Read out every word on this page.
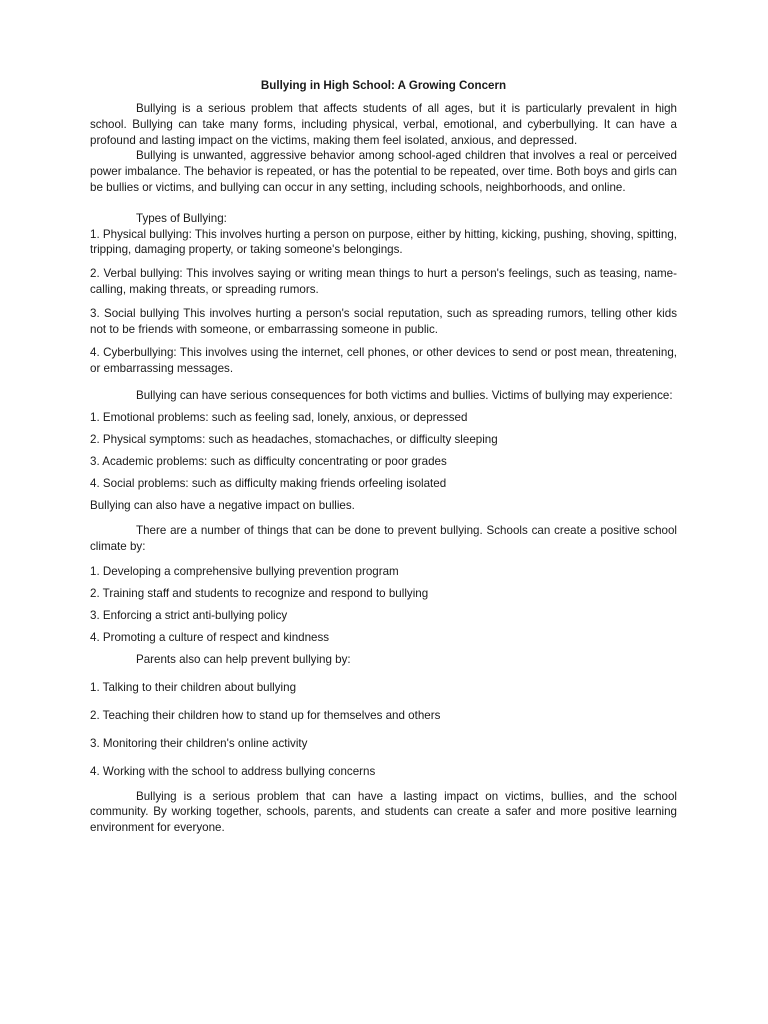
Bullying in High School: A Growing Concern

Bullying is a serious problem that affects students of all ages, but it is particularly prevalent in high school. Bullying can take many forms, including physical, verbal, emotional, and cyberbullying. It can have a profound and lasting impact on the victims, making them feel isolated, anxious, and depressed.

Bullying is unwanted, aggressive behavior among school-aged children that involves a real or perceived power imbalance. The behavior is repeated, or has the potential to be repeated, over time. Both boys and girls can be bullies or victims, and bullying can occur in any setting, including schools, neighborhoods, and online.

Types of Bullying:

1. Physical bullying: This involves hurting a person on purpose, either by hitting, kicking, pushing, shoving, spitting, tripping, damaging property, or taking someone's belongings.

2. Verbal bullying: This involves saying or writing mean things to hurt a person's feelings, such as teasing, name-calling, making threats, or spreading rumors.

3. Social bullying This involves hurting a person's social reputation, such as spreading rumors, telling other kids not to be friends with someone, or embarrassing someone in public.

4. Cyberbullying: This involves using the internet, cell phones, or other devices to send or post mean, threatening, or embarrassing messages.

Bullying can have serious consequences for both victims and bullies. Victims of bullying may experience:

1. Emotional problems: such as feeling sad, lonely, anxious, or depressed

2. Physical symptoms: such as headaches, stomachaches, or difficulty sleeping

3. Academic problems: such as difficulty concentrating or poor grades

4. Social problems: such as difficulty making friends orfeeling isolated

Bullying can also have a negative impact on bullies.

There are a number of things that can be done to prevent bullying. Schools can create a positive school climate by:

1. Developing a comprehensive bullying prevention program

2. Training staff and students to recognize and respond to bullying

3. Enforcing a strict anti-bullying policy

4. Promoting a culture of respect and kindness

Parents also can help prevent bullying by:

1. Talking to their children about bullying

2. Teaching their children how to stand up for themselves and others

3. Monitoring their children's online activity

4. Working with the school to address bullying concerns

Bullying is a serious problem that can have a lasting impact on victims, bullies, and the school community. By working together, schools, parents, and students can create a safer and more positive learning environment for everyone.
